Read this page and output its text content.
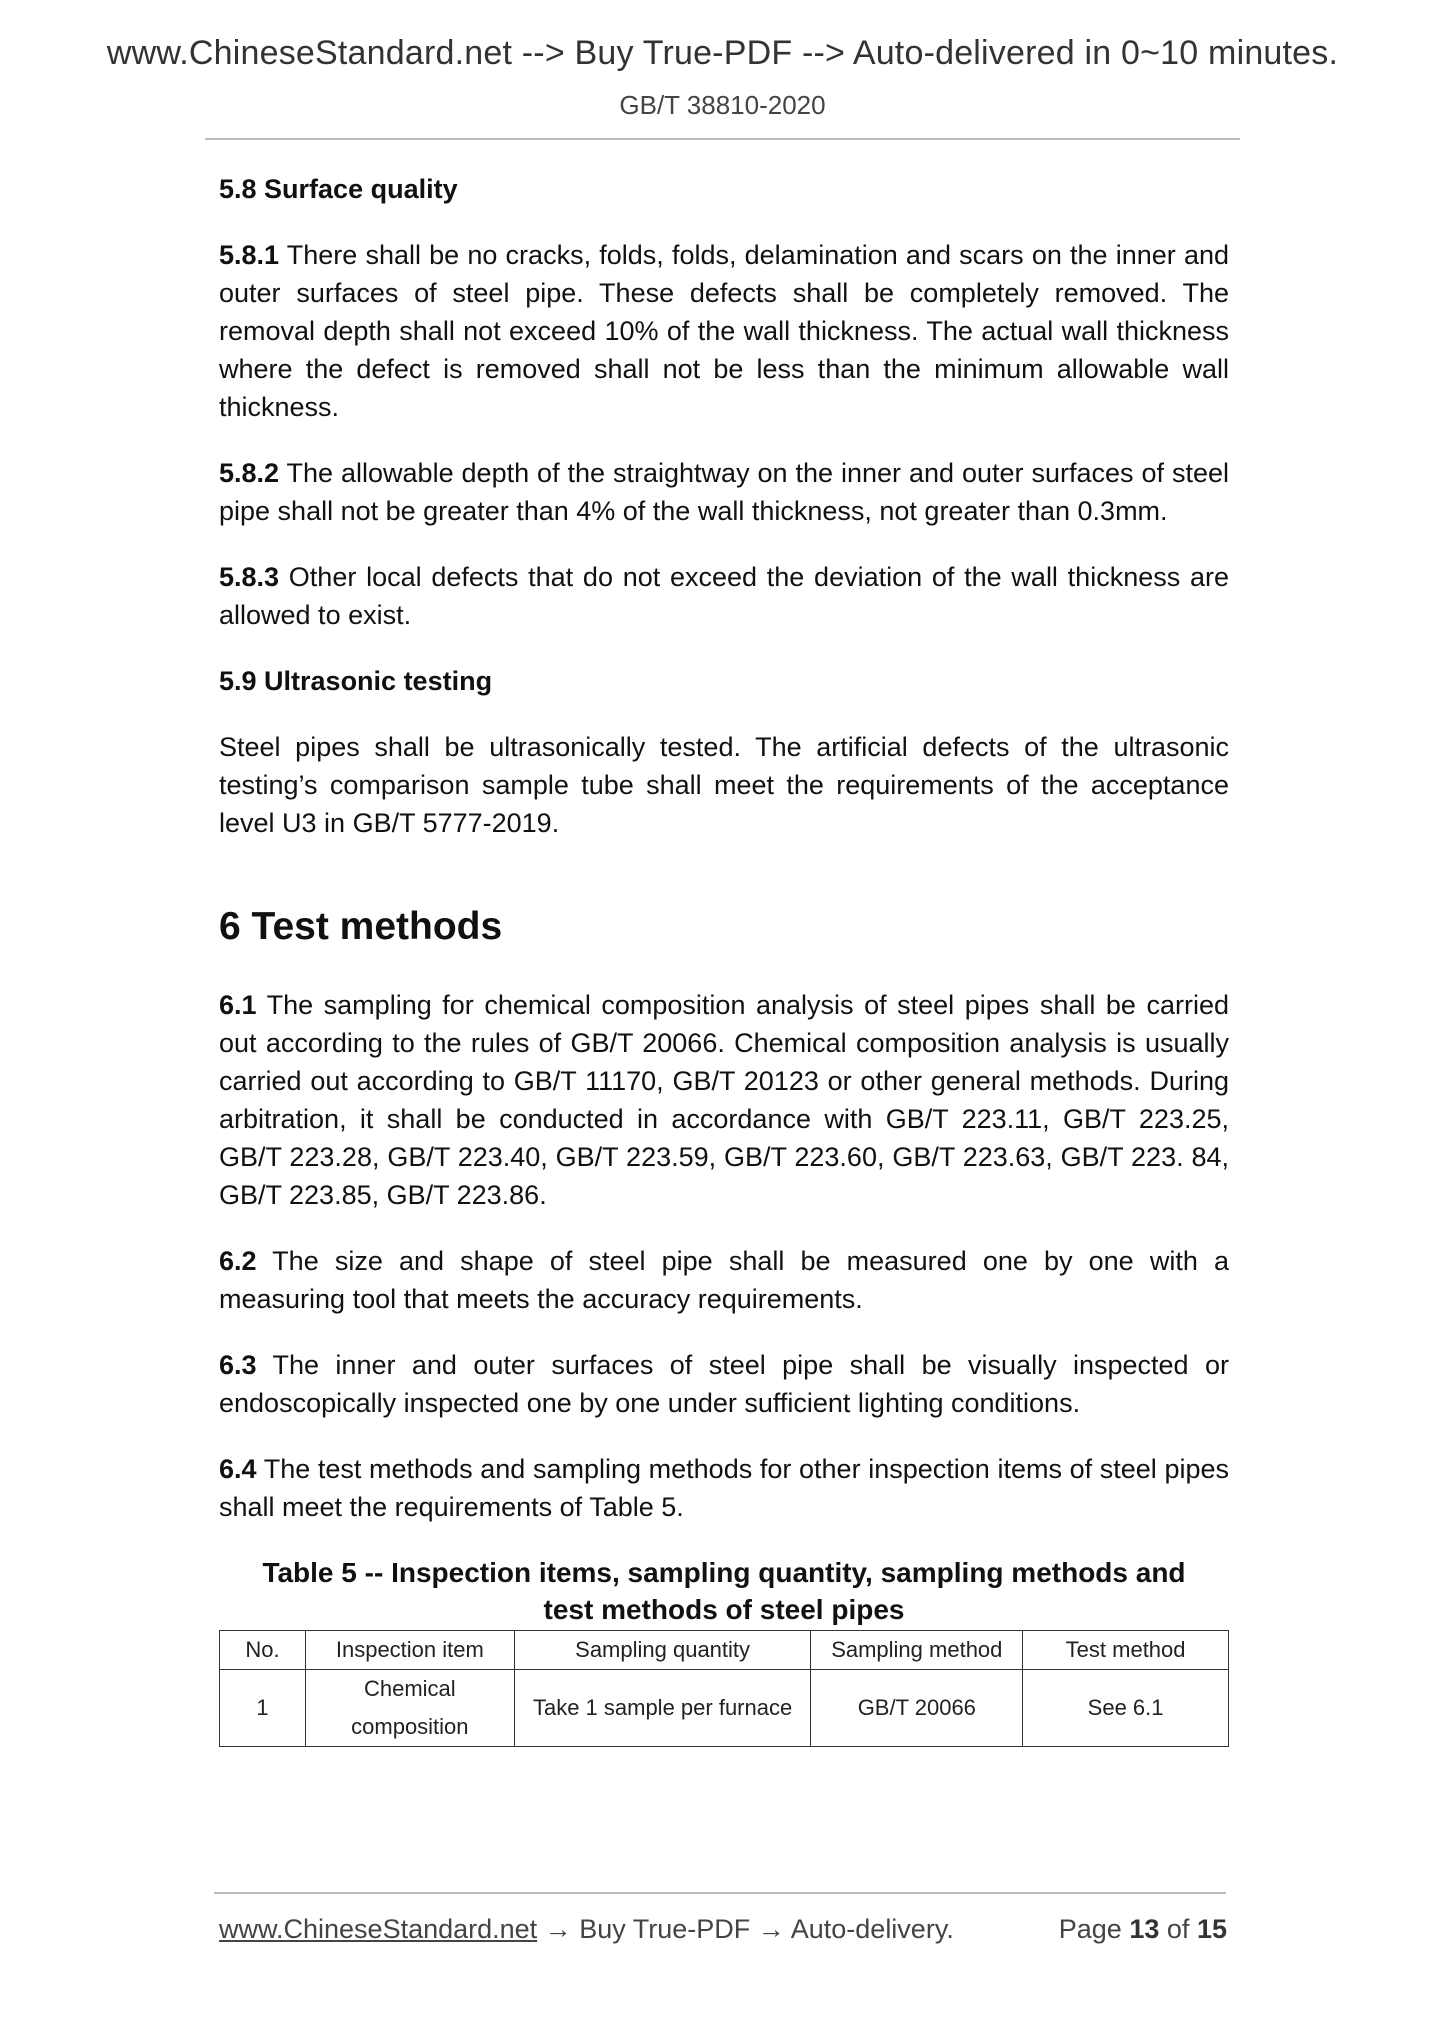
www.ChineseStandard.net --> Buy True-PDF --> Auto-delivered in 0~10 minutes.
GB/T 38810-2020
5.8 Surface quality

5.8.1 There shall be no cracks, folds, folds, delamination and scars on the inner and outer surfaces of steel pipe. These defects shall be completely removed. The removal depth shall not exceed 10% of the wall thickness. The actual wall thickness where the defect is removed shall not be less than the minimum allowable wall thickness.

5.8.2 The allowable depth of the straightway on the inner and outer surfaces of steel pipe shall not be greater than 4% of the wall thickness, not greater than 0.3mm.

5.8.3 Other local defects that do not exceed the deviation of the wall thickness are allowed to exist.

5.9 Ultrasonic testing

Steel pipes shall be ultrasonically tested. The artificial defects of the ultrasonic testing’s comparison sample tube shall meet the requirements of the acceptance level U3 in GB/T 5777-2019.

6 Test methods

6.1 The sampling for chemical composition analysis of steel pipes shall be carried out according to the rules of GB/T 20066. Chemical composition analysis is usually carried out according to GB/T 11170, GB/T 20123 or other general methods. During arbitration, it shall be conducted in accordance with GB/T 223.11, GB/T 223.25, GB/T 223.28, GB/T 223.40, GB/T 223.59, GB/T 223.60, GB/T 223.63, GB/T 223. 84, GB/T 223.85, GB/T 223.86.

6.2 The size and shape of steel pipe shall be measured one by one with a measuring tool that meets the accuracy requirements.

6.3 The inner and outer surfaces of steel pipe shall be visually inspected or endoscopically inspected one by one under sufficient lighting conditions.

6.4 The test methods and sampling methods for other inspection items of steel pipes shall meet the requirements of Table 5.

Table 5 -- Inspection items, sampling quantity, sampling methods and
test methods of steel pipes
No.	Inspection item	Sampling quantity	Sampling method	Test method
1	Chemical composition	Take 1 sample per furnace	GB/T 20066	See 6.1
www.ChineseStandard.net → Buy True-PDF → Auto-delivery.	Page 13 of 15
